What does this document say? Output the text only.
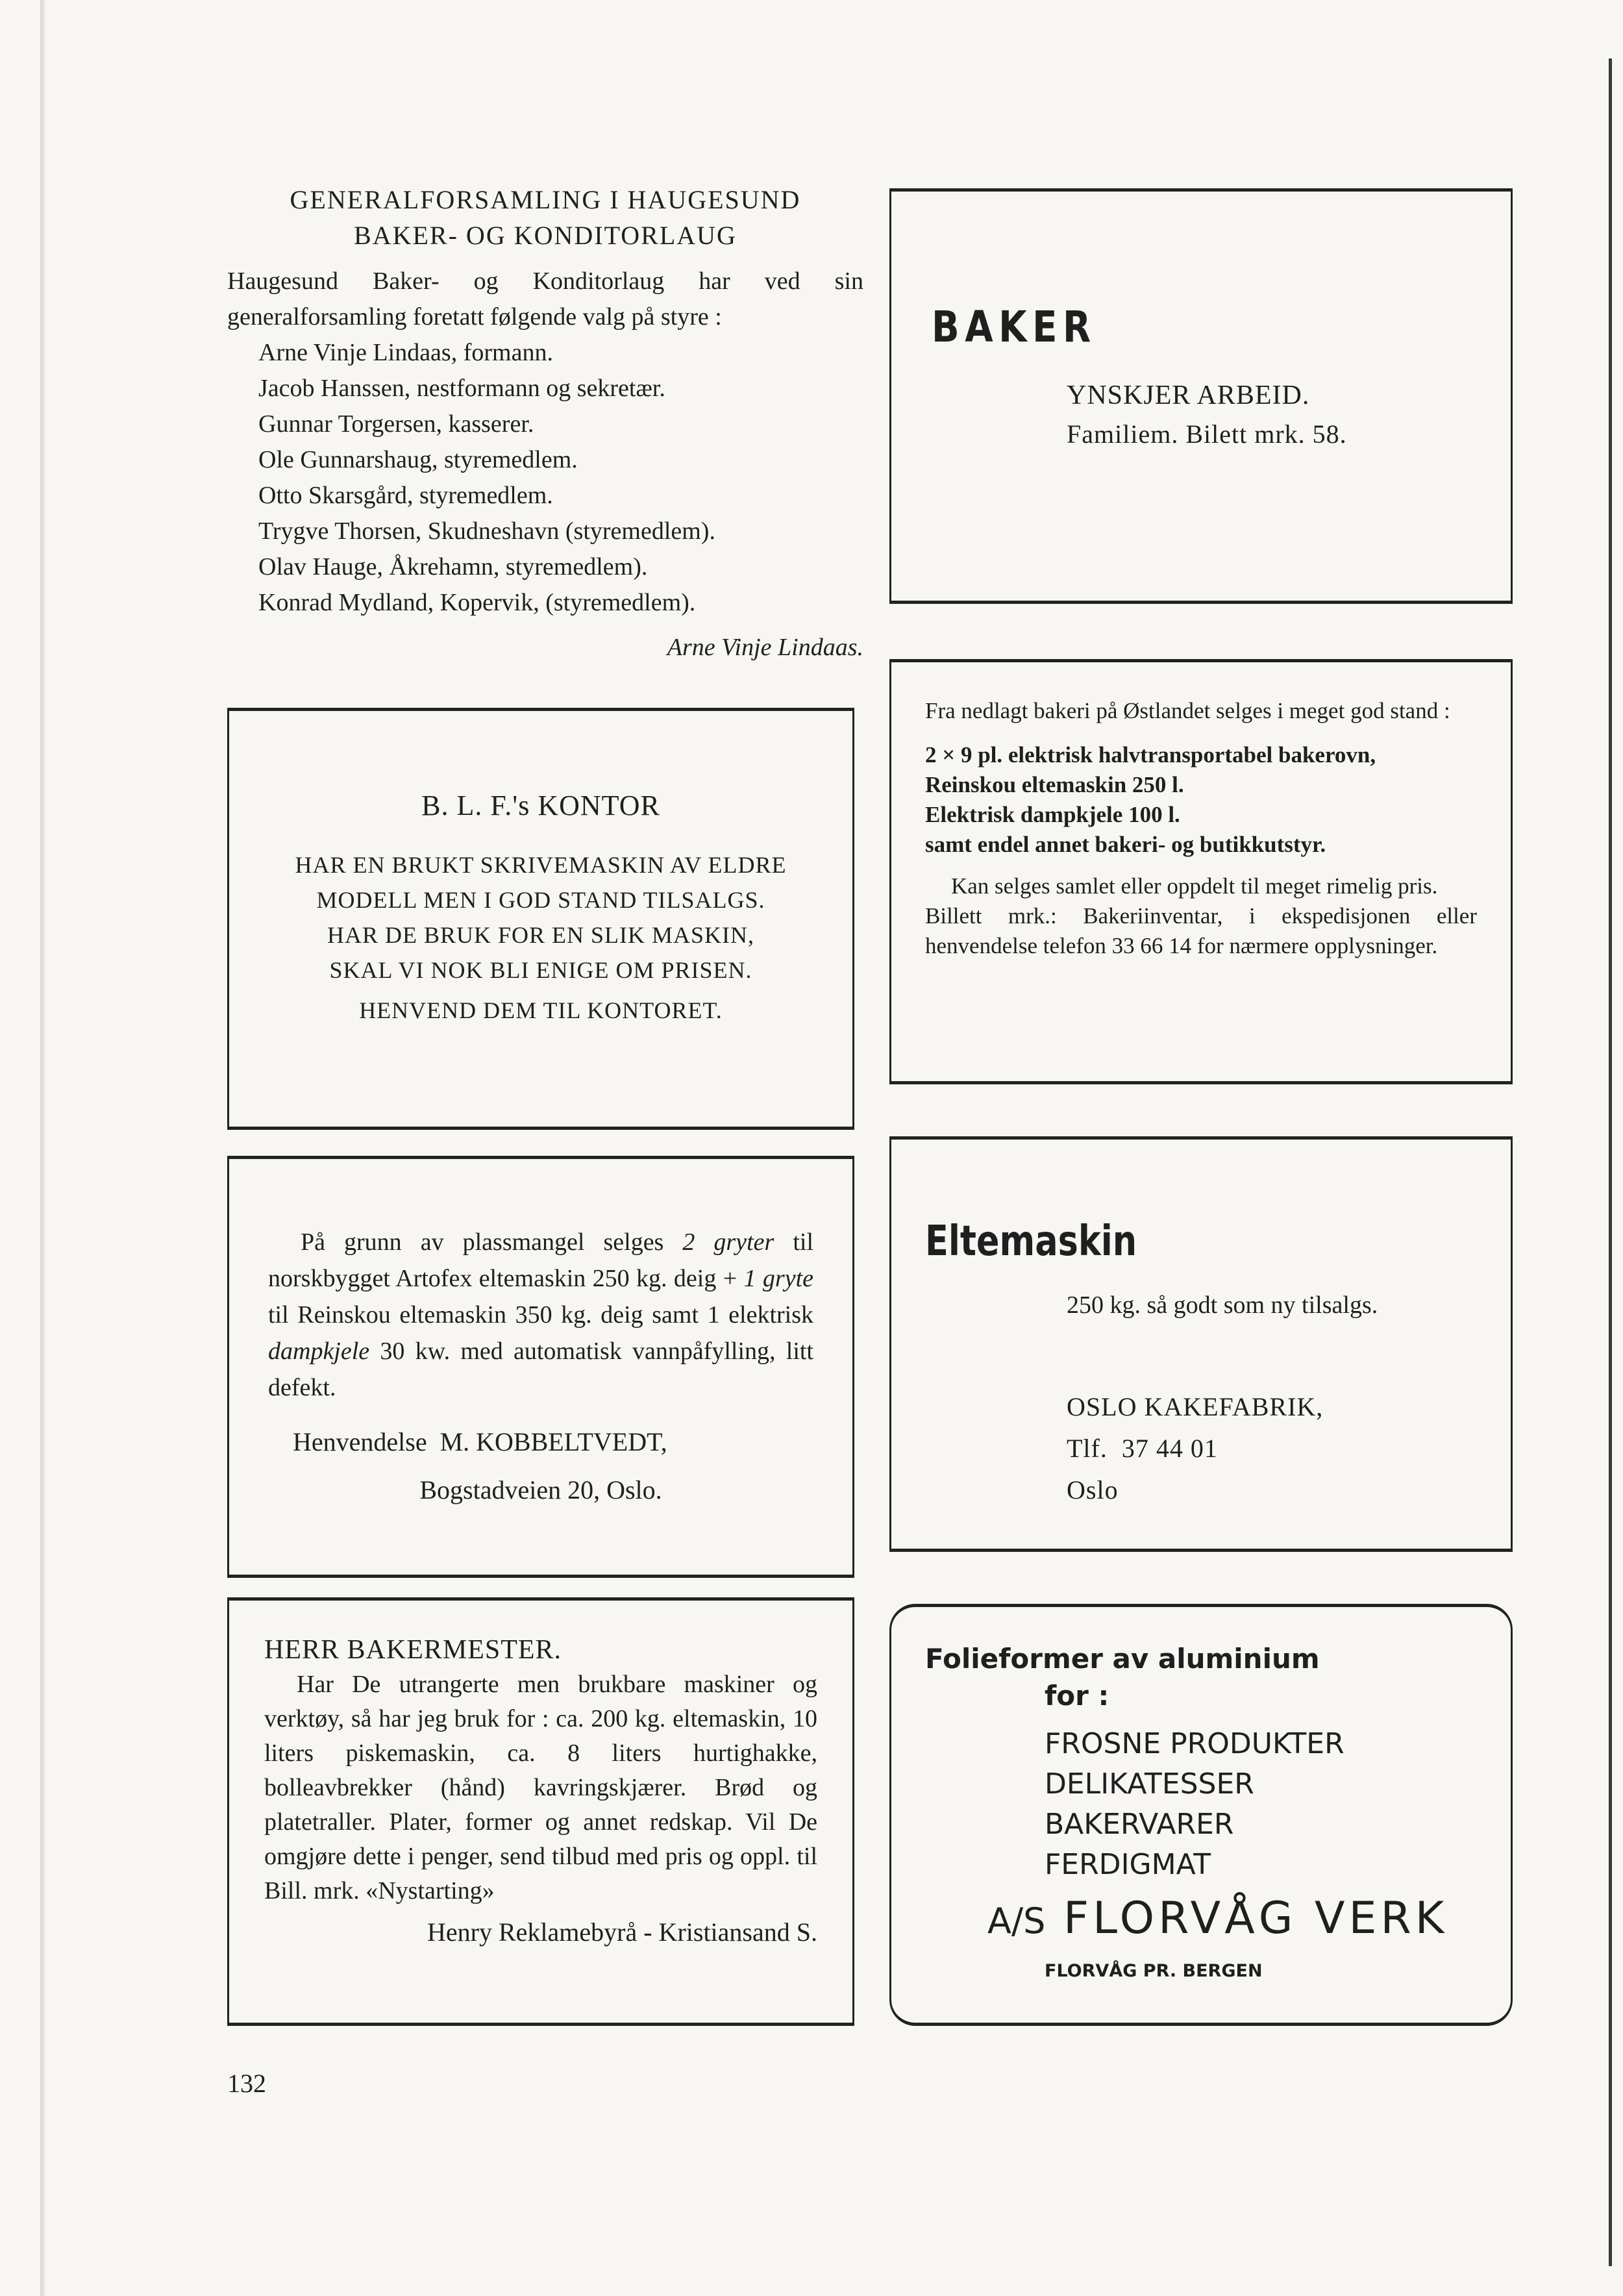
GENERALFORSAMLING I HAUGESUND
BAKER- OG KONDITORLAUG
Haugesund Baker- og Konditorlaug har ved sin generalforsamling foretatt følgende valg på styre :
Arne Vinje Lindaas, formann.
Jacob Hanssen, nestformann og sekretær.
Gunnar Torgersen, kasserer.
Ole Gunnarshaug, styremedlem.
Otto Skarsgård, styremedlem.
Trygve Thorsen, Skudneshavn (styremedlem).
Olav Hauge, Åkrehamn, styremedlem).
Konrad Mydland, Kopervik, (styremedlem).
Arne Vinje Lindaas.
BAKER
YNSKJER ARBEID.
Familiem. Bilett mrk. 58.
B. L. F.'s KONTOR
HAR EN BRUKT SKRIVEMASKIN AV ELDRE
MODELL MEN I GOD STAND TILSALGS.
HAR DE BRUK FOR EN SLIK MASKIN,
SKAL VI NOK BLI ENIGE OM PRISEN.
HENVEND DEM TIL KONTORET.
Fra nedlagt bakeri på Østlandet selges i meget god stand :
2 × 9 pl. elektrisk halvtransportabel bakerovn,
Reinskou eltemaskin 250 l.
Elektrisk dampkjele 100 l.
samt endel annet bakeri- og butikkutstyr.
Kan selges samlet eller oppdelt til meget rimelig pris.
Billett mrk.: Bakeriinventar, i ekspedisjonen eller henvendelse telefon 33 66 14 for nærmere opplysninger.
På grunn av plassmangel selges 2 gryter til norskbygget Artofex eltemaskin 250 kg. deig + 1 gryte til Reinskou eltemaskin 350 kg. deig samt 1 elektrisk dampkjele 30 kw. med automatisk vannpåfylling, litt defekt.
Henvendelse  M. KOBBELTVEDT,
Bogstadveien 20, Oslo.
Eltemaskin
250 kg. så godt som ny tilsalgs.
OSLO KAKEFABRIK,
Tlf.  37 44 01
Oslo
HERR BAKERMESTER.
Har De utrangerte men brukbare maskiner og verktøy, så har jeg bruk for : ca. 200 kg. eltemaskin, 10 liters piskemaskin, ca. 8 liters hurtighakke, bolleavbrekker (hånd) kavringskjærer. Brød og platetraller. Plater, former og annet redskap. Vil De omgjøre dette i penger, send tilbud med pris og oppl. til Bill. mrk. «Nystarting»
Henry Reklamebyrå - Kristiansand S.
Folieformer av aluminium
for :
FROSNE PRODUKTER
DELIKATESSER
BAKERVARER
FERDIGMAT
A/S FLORVÅG VERK
FLORVÅG PR. BERGEN
132
